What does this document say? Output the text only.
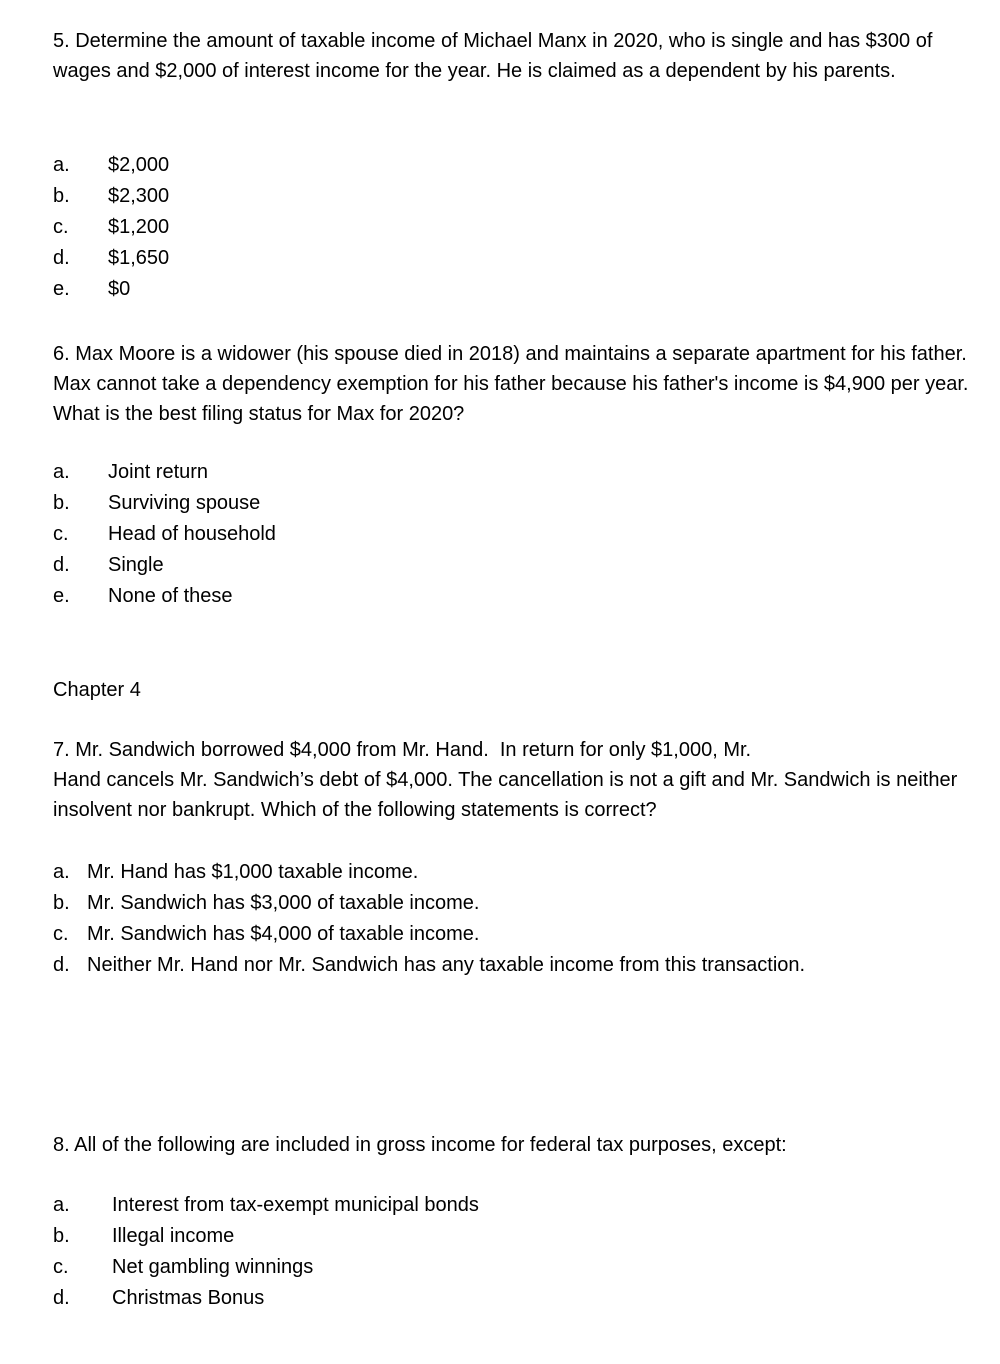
5. Determine the amount of taxable income of Michael Manx in 2020, who is single and has $300 of wages and $2,000 of interest income for the year. He is claimed as a dependent by his parents.

a. $2,000
b. $2,300
c. $1,200
d. $1,650
e. $0

6. Max Moore is a widower (his spouse died in 2018) and maintains a separate apartment for his father. Max cannot take a dependency exemption for his father because his father's income is $4,900 per year. What is the best filing status for Max for 2020?

a. Joint return
b. Surviving spouse
c. Head of household
d. Single
e. None of these
Chapter 4
7. Mr. Sandwich borrowed $4,000 from Mr. Hand.  In return for only $1,000, Mr.
Hand cancels Mr. Sandwich’s debt of $4,000. The cancellation is not a gift and Mr. Sandwich is neither insolvent nor bankrupt. Which of the following statements is correct?
a. Mr. Hand has $1,000 taxable income.
b. Mr. Sandwich has $3,000 of taxable income.
c. Mr. Sandwich has $4,000 of taxable income.
d. Neither Mr. Hand nor Mr. Sandwich has any taxable income from this transaction.

8. All of the following are included in gross income for federal tax purposes, except:

a. Interest from tax-exempt municipal bonds
b. Illegal income
c. Net gambling winnings
d. Christmas Bonus
